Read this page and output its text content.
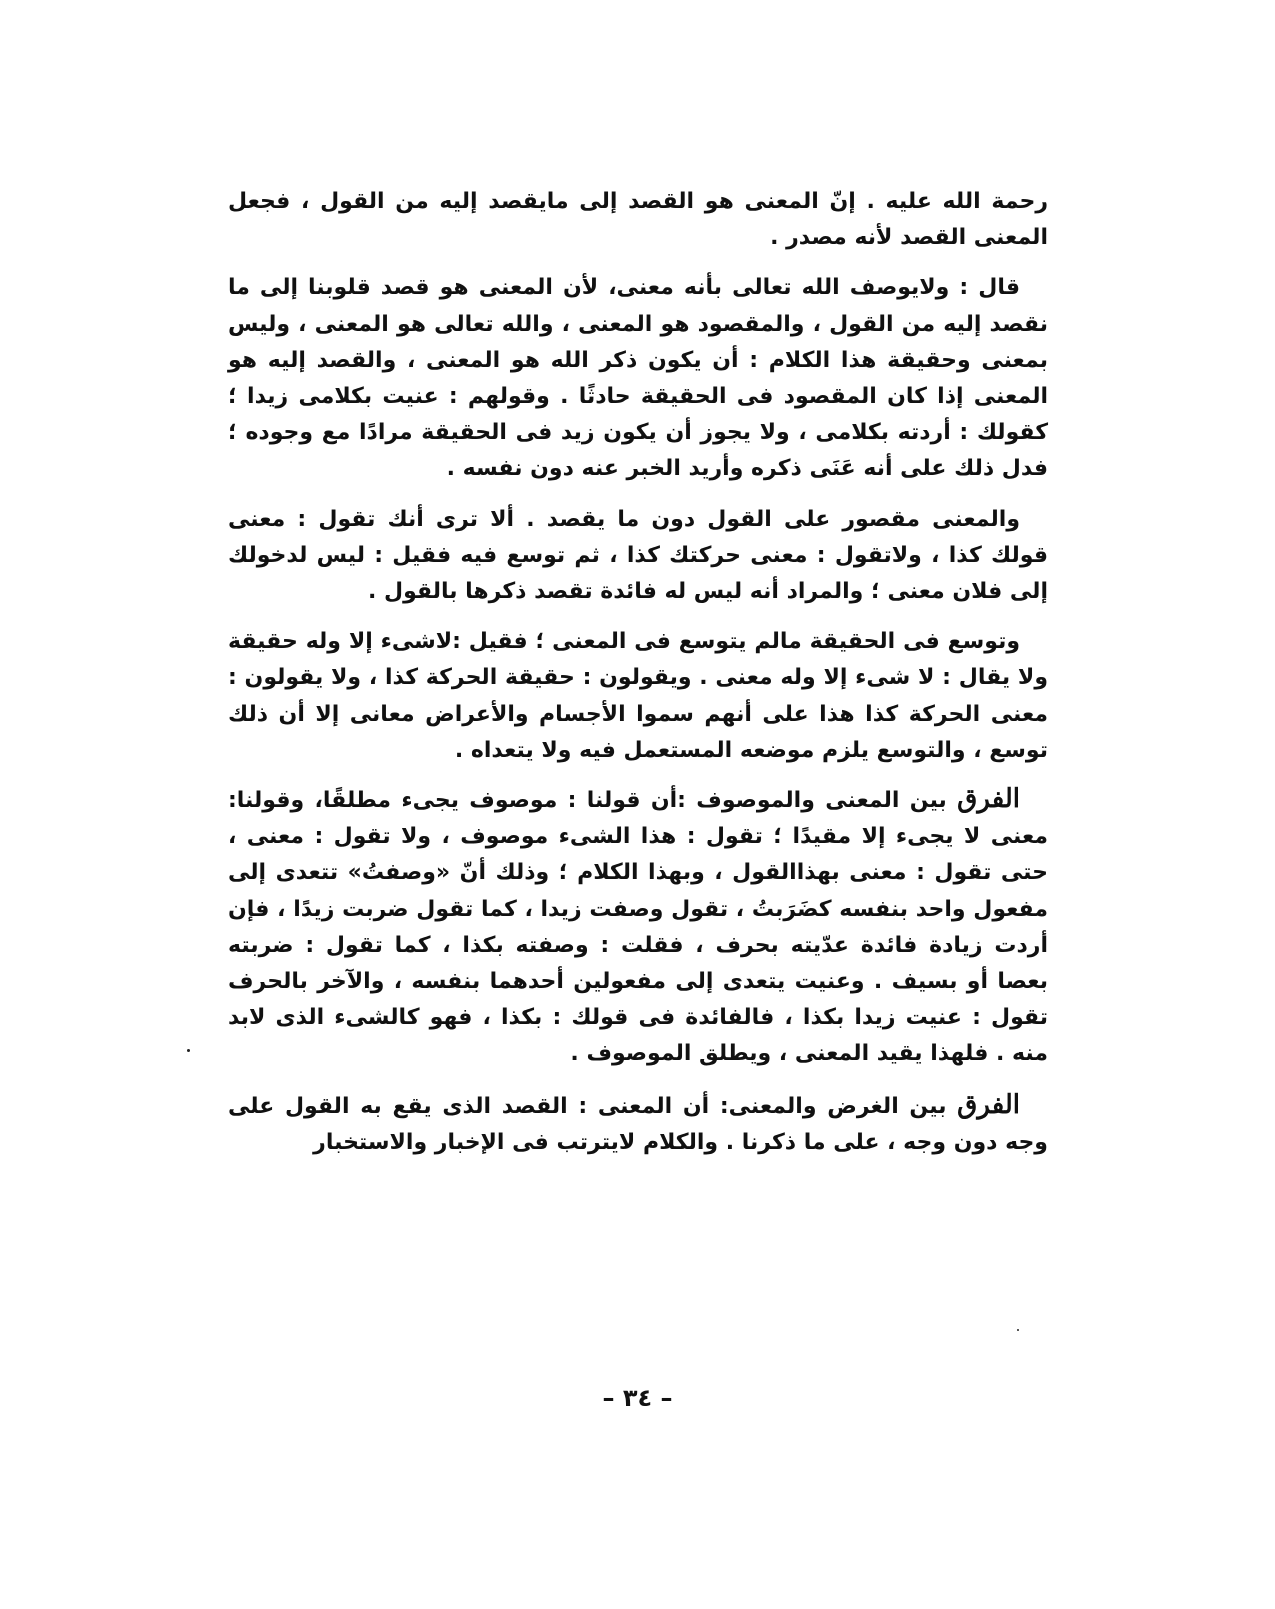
رحمة الله عليه . إنّ المعنى هو القصد إلى مايقصد إليه من القول ، فجعل المعنى القصد لأنه مصدر .

قال : ولايوصف الله تعالى بأنه معنى، لأن المعنى هو قصد قلوبنا إلى ما نقصد إليه من القول ، والمقصود هو المعنى ، والله تعالى هو المعنى ، وليس بمعنى وحقيقة هذا الكلام : أن يكون ذكر الله هو المعنى ، والقصد إليه هو المعنى إذا كان المقصود فى الحقيقة حادثًا . وقولهم : عنيت بكلامى زيدا ؛ كقولك : أردته بكلامى ، ولا يجوز أن يكون زيد فى الحقيقة مرادًا مع وجوده ؛ فدل ذلك على أنه عَنَى ذكره وأريد الخبر عنه دون نفسه .

والمعنى مقصور على القول دون ما يقصد . ألا ترى أنك تقول : معنى قولك كذا ، ولاتقول : معنى حركتك كذا ، ثم توسع فيه فقيل : ليس لدخولك إلى فلان معنى ؛ والمراد أنه ليس له فائدة تقصد ذكرها بالقول .

وتوسع فى الحقيقة مالم يتوسع فى المعنى ؛ فقيل :لاشىء إلا وله حقيقة ولا يقال : لا شىء إلا وله معنى . ويقولون : حقيقة الحركة كذا ، ولا يقولون : معنى الحركة كذا هذا على أنهم سموا الأجسام والأعراض معانى إلا أن ذلك توسع ، والتوسع يلزم موضعه المستعمل فيه ولا يتعداه .

الفرق بين المعنى والموصوف :أن قولنا : موصوف يجىء مطلقًا، وقولنا: معنى لا يجىء إلا مقيدًا ؛ تقول : هذا الشىء موصوف ، ولا تقول : معنى ، حتى تقول : معنى بهذاالقول ، وبهذا الكلام ؛ وذلك أنّ «وصفتُ» تتعدى إلى مفعول واحد بنفسه كضَرَبتُ ، تقول وصفت زيدا ، كما تقول ضربت زيدًا ، فإن أردت زيادة فائدة عدّيته بحرف ، فقلت : وصفته بكذا ، كما تقول : ضربته بعصا أو بسيف . وعنيت يتعدى إلى مفعولين أحدهما بنفسه ، والآخر بالحرف تقول : عنيت زيدا بكذا ، فالفائدة فى قولك : بكذا ، فهو كالشىء الذى لابد منه . فلهذا يقيد المعنى ، ويطلق الموصوف .

الفرق بين الغرض والمعنى: أن المعنى : القصد الذى يقع به القول على وجه دون وجه ، على ما ذكرنا . والكلام لايترتب فى الإخبار والاستخبار

– ٣٤ –
